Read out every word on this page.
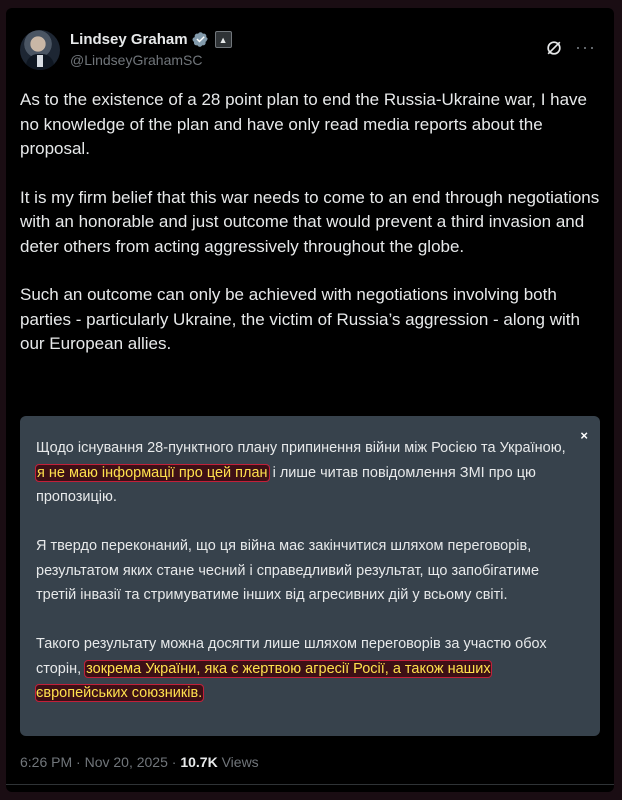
Lindsey Graham	▲
@LindseyGrahamSC
···

As to the existence of a 28 point plan to end the Russia-Ukraine war, I have no knowledge of the plan and have only read media reports about the proposal.

It is my firm belief that this war needs to come to an end through negotiations with an honorable and just outcome that would prevent a third invasion and deter others from acting aggressively throughout the globe.

Such an outcome can only be achieved with negotiations involving both parties - particularly Ukraine, the victim of Russia’s aggression - along with our European allies.

×

Щодо існування 28-пунктного плану припинення війни між Росією та Україною, я не маю інформації про цей план і лише читав повідомлення ЗМІ про цю пропозицію.

Я твердо переконаний, що ця війна має закінчитися шляхом переговорів, результатом яких стане чесний і справедливий результат, що запобігатиме третій інвазії та стримуватиме інших від агресивних дій у всьому світі.

Такого результату можна досягти лише шляхом переговорів за участю обох сторін, зокрема України, яка є жертвою агресії Росії, а також наших європейських союзників.

6:26 PM · Nov 20, 2025 · 10.7K Views
